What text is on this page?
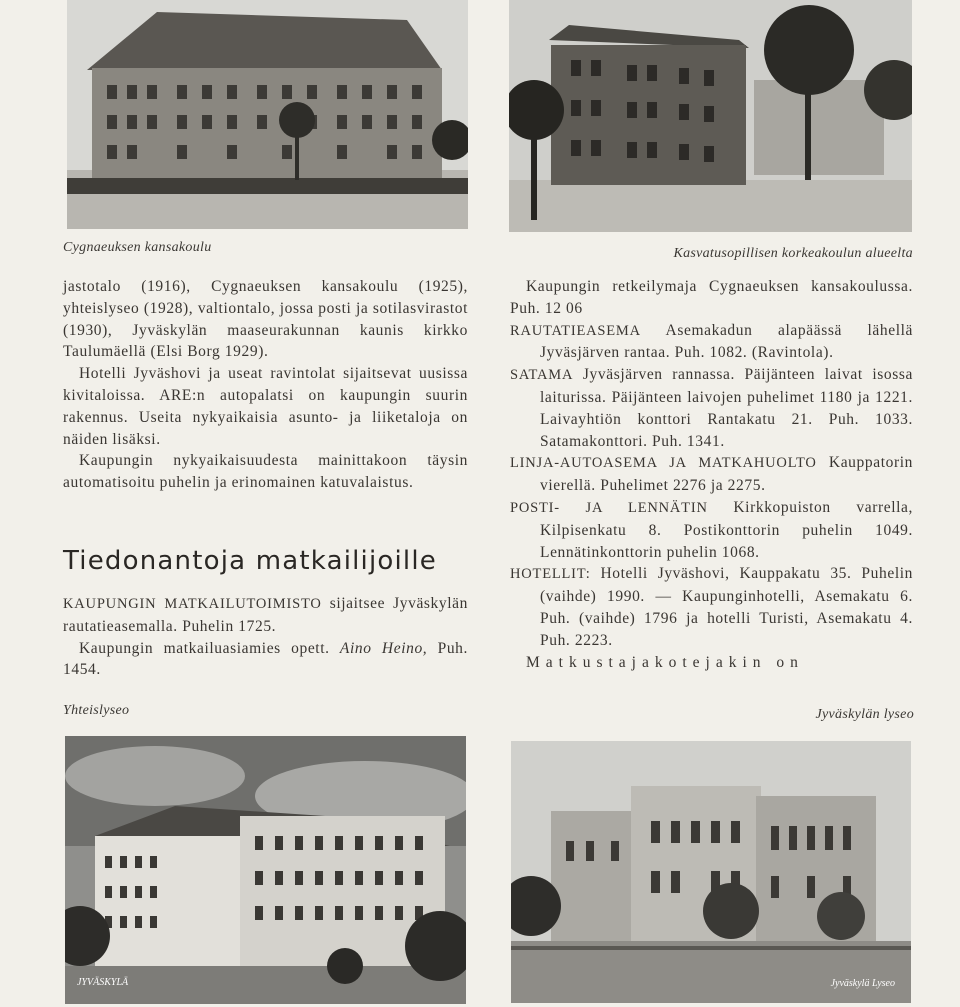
Cygnaeuksen kansakoulu	Kasvatusopillisen korkeakoulun alueelta

jastotalo (1916), Cygnaeuksen kansakoulu (1925), yhteislyseo (1928), valtiontalo, jossa posti ja sotilasvirastot (1930), Jyväskylän maaseurakunnan kaunis kirkko Taulumäellä (Elsi Borg 1929).

Hotelli Jyväshovi ja useat ravintolat sijaitsevat uusissa kivitaloissa. ARE:n autopalatsi on kaupungin suurin rakennus. Useita nykyaikaisia asunto- ja liiketaloja on näiden lisäksi.

Kaupungin nykyaikaisuudesta mainittakoon täysin automatisoitu puhelin ja erinomainen katuvalaistus.

Tiedonantoja matkailijoille

KAUPUNGIN MATKAILUTOIMISTO sijaitsee Jyväskylän rautatieasemalla. Puhelin 1725.

Kaupungin matkailuasiamies opett. Aino Heino, Puh. 1454.

Kaupungin retkeilymaja Cygnaeuksen kansakoulussa. Puh. 12 06

RAUTATIEASEMA Asemakadun alapäässä lähellä Jyväsjärven rantaa. Puh. 1082. (Ravintola).

SATAMA Jyväsjärven rannassa. Päijänteen laivat isossa laiturissa. Päijänteen laivojen puhelimet 1180 ja 1221. Laivayhtiön konttori Rantakatu 21. Puh. 1033. Satamakonttori. Puh. 1341.

LINJA-AUTOASEMA JA MATKAHUOLTO Kauppatorin vierellä. Puhelimet 2276 ja 2275.

POSTI- JA LENNÄTIN Kirkkopuiston varrella, Kilpisenkatu 8. Postikonttorin puhelin 1049. Lennätinkonttorin puhelin 1068.

HOTELLIT: Hotelli Jyväshovi, Kauppakatu 35. Puhelin (vaihde) 1990. — Kaupunginhotelli, Asemakatu 6. Puh. (vaihde) 1796 ja hotelli Turisti, Asemakatu 4. Puh. 2223.

Matkustajakotejakin on

Yhteislyseo
JYVÄSKYLÄ
Jyväskylän lyseo
Jyväskylä Lyseo
